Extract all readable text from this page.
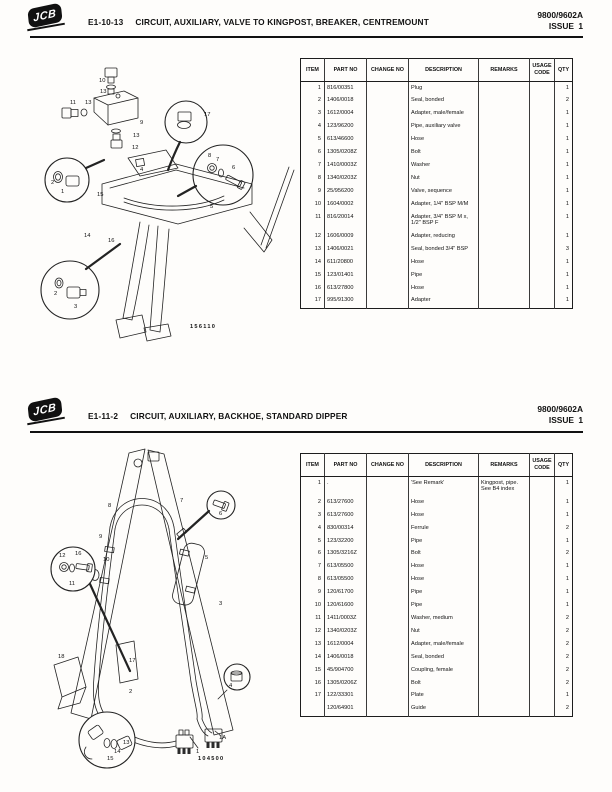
JCB	E1-10-13 CIRCUIT, AUXILIARY, VALVE TO KINGPOST, BREAKER, CENTREMOUNT
9800/9602A
ISSUE 1
10
13
11 13
9
13
12
17
2
1
8
7
6
4
15
5
14
16
2
3
156110
ITEM	PART NO	CHANGE NO	DESCRIPTION	REMARKS	USAGE CODE	QTY
1	816/00351		Plug			1
2	1406/0018		Seal, bonded			2
3	1612/0004		Adapter, male/female			1
4	123/96200		Pipe, auxiliary valve			1
5	613/46600		Hose			1
6	1305/0208Z		Bolt			1
7	1410/0003Z		Washer			1
8	1340/0203Z		Nut			1
9	25/956200		Valve, sequence			1
10	1604/0002		Adapter, 1/4" BSP M/M			1
11	816/20014		Adapter, 3/4" BSP M x, 1/2" BSP F			1
12	1606/0009		Adapter, reducing			1
13	1406/0021		Seal, bonded 3/4" BSP			3
14	611/20800		Hose			1
15	123/01401		Pipe			1
16	613/27800		Hose			1
17	995/91300		Adapter			1
JCB	E1-11-2 CIRCUIT, AUXILIARY, BACKHOE, STANDARD DIPPER
9800/9602A
ISSUE 1
8
7
6
9
10	5
3
12 16
11
18
17
2
4
13
14
15
1
1A
104500
ITEM	PART NO	CHANGE NO	DESCRIPTION	REMARKS	USAGE CODE	QTY
1	.		'See Remark'	Kingpost, pipe. See B4 index		1
2	613/27600		Hose			1
3	613/27600		Hose			1
4	830/00314		Ferrule			2
5	123/32200		Pipe			1
6	1305/3216Z		Bolt			2
7	613/05500		Hose			1
8	613/05500		Hose			1
9	120/61700		Pipe			1
10	120/61600		Pipe			1
11	1411/0003Z		Washer, medium			2
12	1340/0203Z		Nut			2
13	1612/0004		Adapter, male/female			2
14	1406/0018		Seal, bonded			2
15	45/904700		Coupling, female			2
16	1305/0206Z		Bolt			2
17	122/33301		Plate			1
	120/64901		Guide			2
